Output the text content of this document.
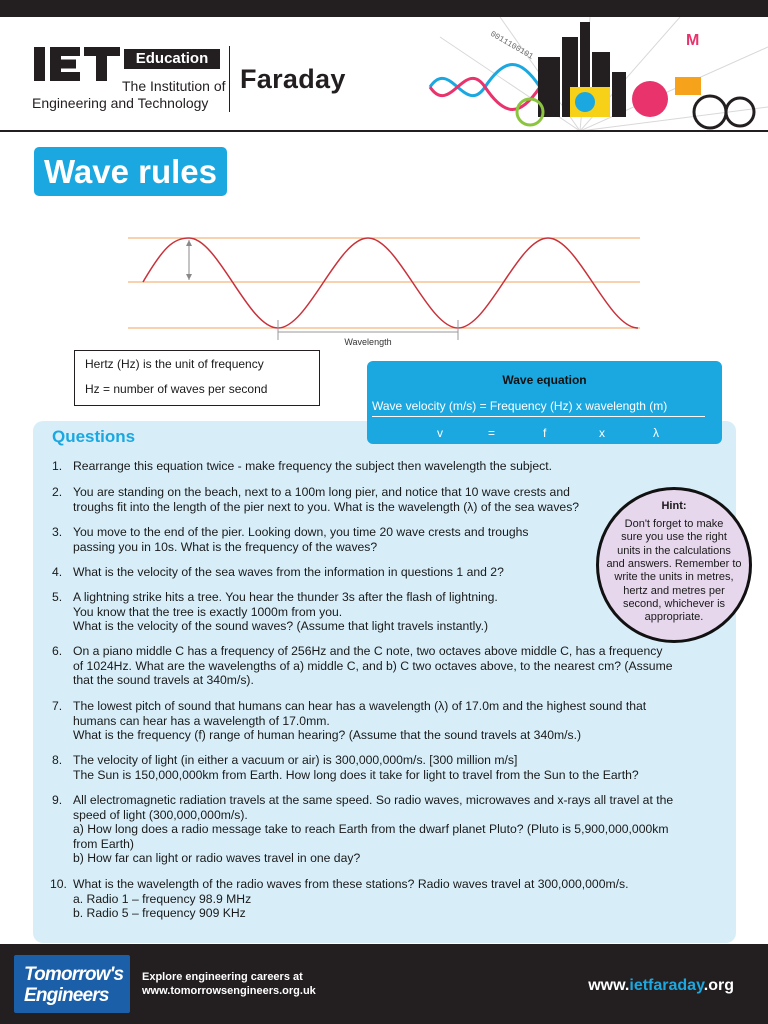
Education
The Institution of
Engineering and Technology
Faraday
M
0011100101
Wave rules
Wavelength
Hertz (Hz) is the unit of frequency
Hz = number of waves per second
Wave equation
Wave velocity (m/s) = Frequency (Hz) x wavelength (m)
v	=	f	x	λ
Questions
1. Rearrange this equation twice - make frequency the subject then wavelength the subject.
2. You are standing on the beach, next to a 100m long pier, and notice that 10 wave crests and
troughs fit into the length of the pier next to you. What is the wavelength (λ) of the sea waves?
3. You move to the end of the pier. Looking down, you time 20 wave crests and troughs
passing you in 10s. What is the frequency of the waves?
4. What is the velocity of the sea waves from the information in questions 1 and 2?
5. A lightning strike hits a tree. You hear the thunder 3s after the flash of lightning.
You know that the tree is exactly 1000m from you.
What is the velocity of the sound waves? (Assume that light travels instantly.)
6. On a piano middle C has a frequency of 256Hz and the C note, two octaves above middle C, has a frequency
of 1024Hz. What are the wavelengths of a) middle C, and b) C two octaves above, to the nearest cm? (Assume
that the sound travels at 340m/s).
7. The lowest pitch of sound that humans can hear has a wavelength (λ) of 17.0m and the highest sound that
humans can hear has a wavelength of 17.0mm.
What is the frequency (f) range of human hearing? (Assume that the sound travels at 340m/s.)
8. The velocity of light (in either a vacuum or air) is 300,000,000m/s. [300 million m/s]
The Sun is 150,000,000km from Earth. How long does it take for light to travel from the Sun to the Earth?
9. All electromagnetic radiation travels at the same speed. So radio waves, microwaves and x-rays all travel at the
speed of light (300,000,000m/s).
a) How long does a radio message take to reach Earth from the dwarf planet Pluto? (Pluto is 5,900,000,000km
from Earth)
b) How far can light or radio waves travel in one day?
10. What is the wavelength of the radio waves from these stations? Radio waves travel at 300,000,000m/s.
a. Radio 1 – frequency 98.9 MHz
b. Radio 5 – frequency 909 KHz
Hint:
Don't forget to make
sure you use the right
units in the calculations
and answers. Remember to
write the units in metres,
hertz and metres per
second, whichever is
appropriate.
Tomorrow's
Engineers
Explore engineering careers at
www.tomorrowsengineers.org.uk	www.ietfaraday.org
